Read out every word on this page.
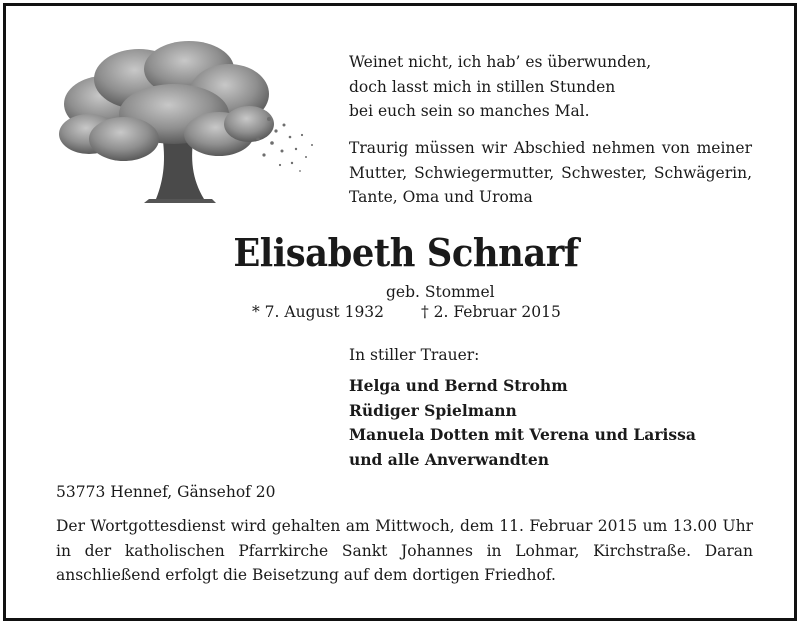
Weinet nicht, ich hab’ es überwunden,
doch lasst mich in stillen Stunden
bei euch sein so manches Mal.
Traurig müssen wir Abschied nehmen von meiner Mutter, Schwiegermutter, Schwester, Schwägerin, Tante, Oma und Uroma
Elisabeth Schnarf
geb. Stommel
* 7. August 1932 † 2. Februar 2015
In stiller Trauer:
Helga und Bernd Strohm
Rüdiger Spielmann
Manuela Dotten mit Verena und Larissa
und alle Anverwandten
53773 Hennef, Gänsehof 20
Der Wortgottesdienst wird gehalten am Mittwoch, dem 11. Februar 2015 um 13.00 Uhr in der katholischen Pfarrkirche Sankt Johannes in Lohmar, Kirchstraße. Daran anschließend erfolgt die Beisetzung auf dem dortigen Friedhof.
